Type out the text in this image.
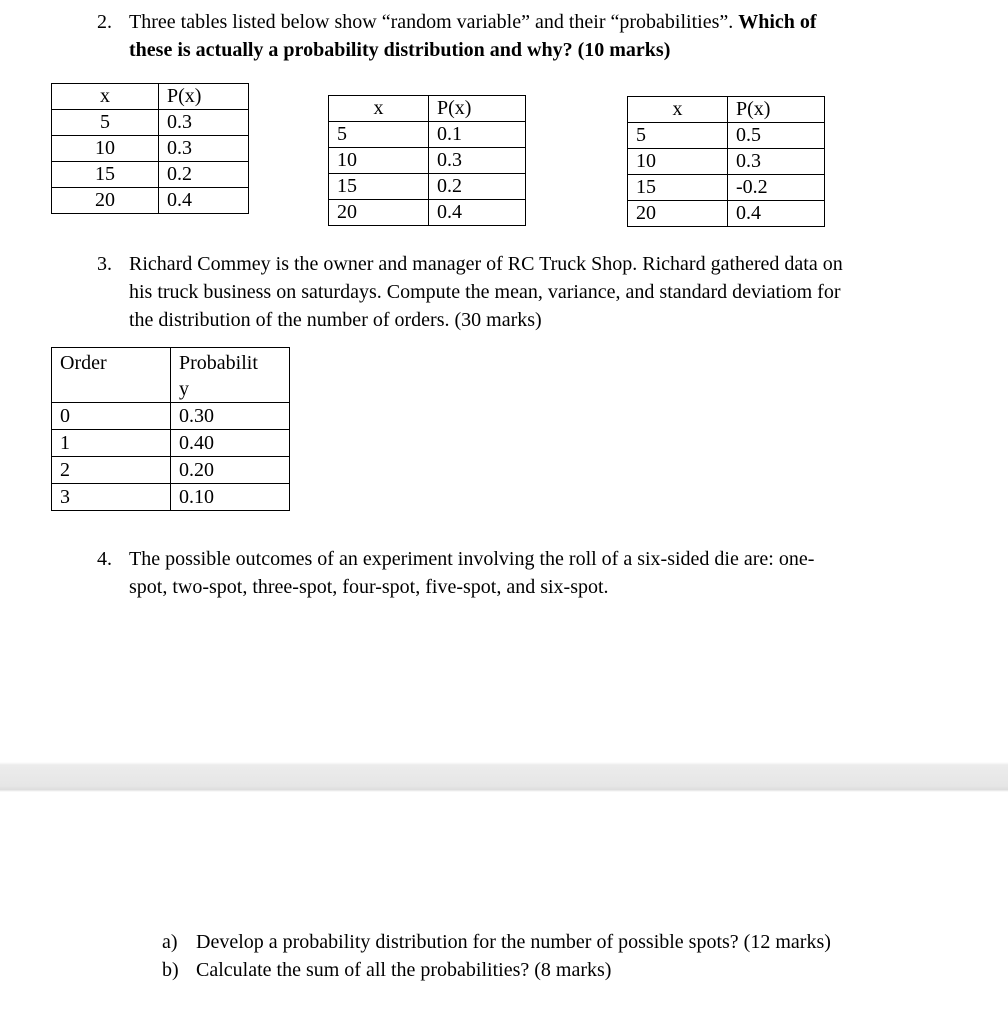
2. Three tables listed below show “random variable” and their “probabilities”. Which of
these is actually a probability distribution and why? (10 marks)
x	P(x)
5	0.3
10	0.3
15	0.2
20	0.4
x	P(x)
5	0.1
10	0.3
15	0.2
20	0.4
x	P(x)
5	0.5
10	0.3
15	-0.2
20	0.4
3. Richard Commey is the owner and manager of RC Truck Shop. Richard gathered data on
his truck business on saturdays. Compute the mean, variance, and standard deviatiom for
the distribution of the number of orders. (30 marks)
Order	Probabilit
y

0	0.30
1	0.40
2	0.20
3	0.10
4. The possible outcomes of an experiment involving the roll of a six-sided die are: one-
spot, two-spot, three-spot, four-spot, five-spot, and six-spot.
a) Develop a probability distribution for the number of possible spots? (12 marks)
b) Calculate the sum of all the probabilities? (8 marks)
